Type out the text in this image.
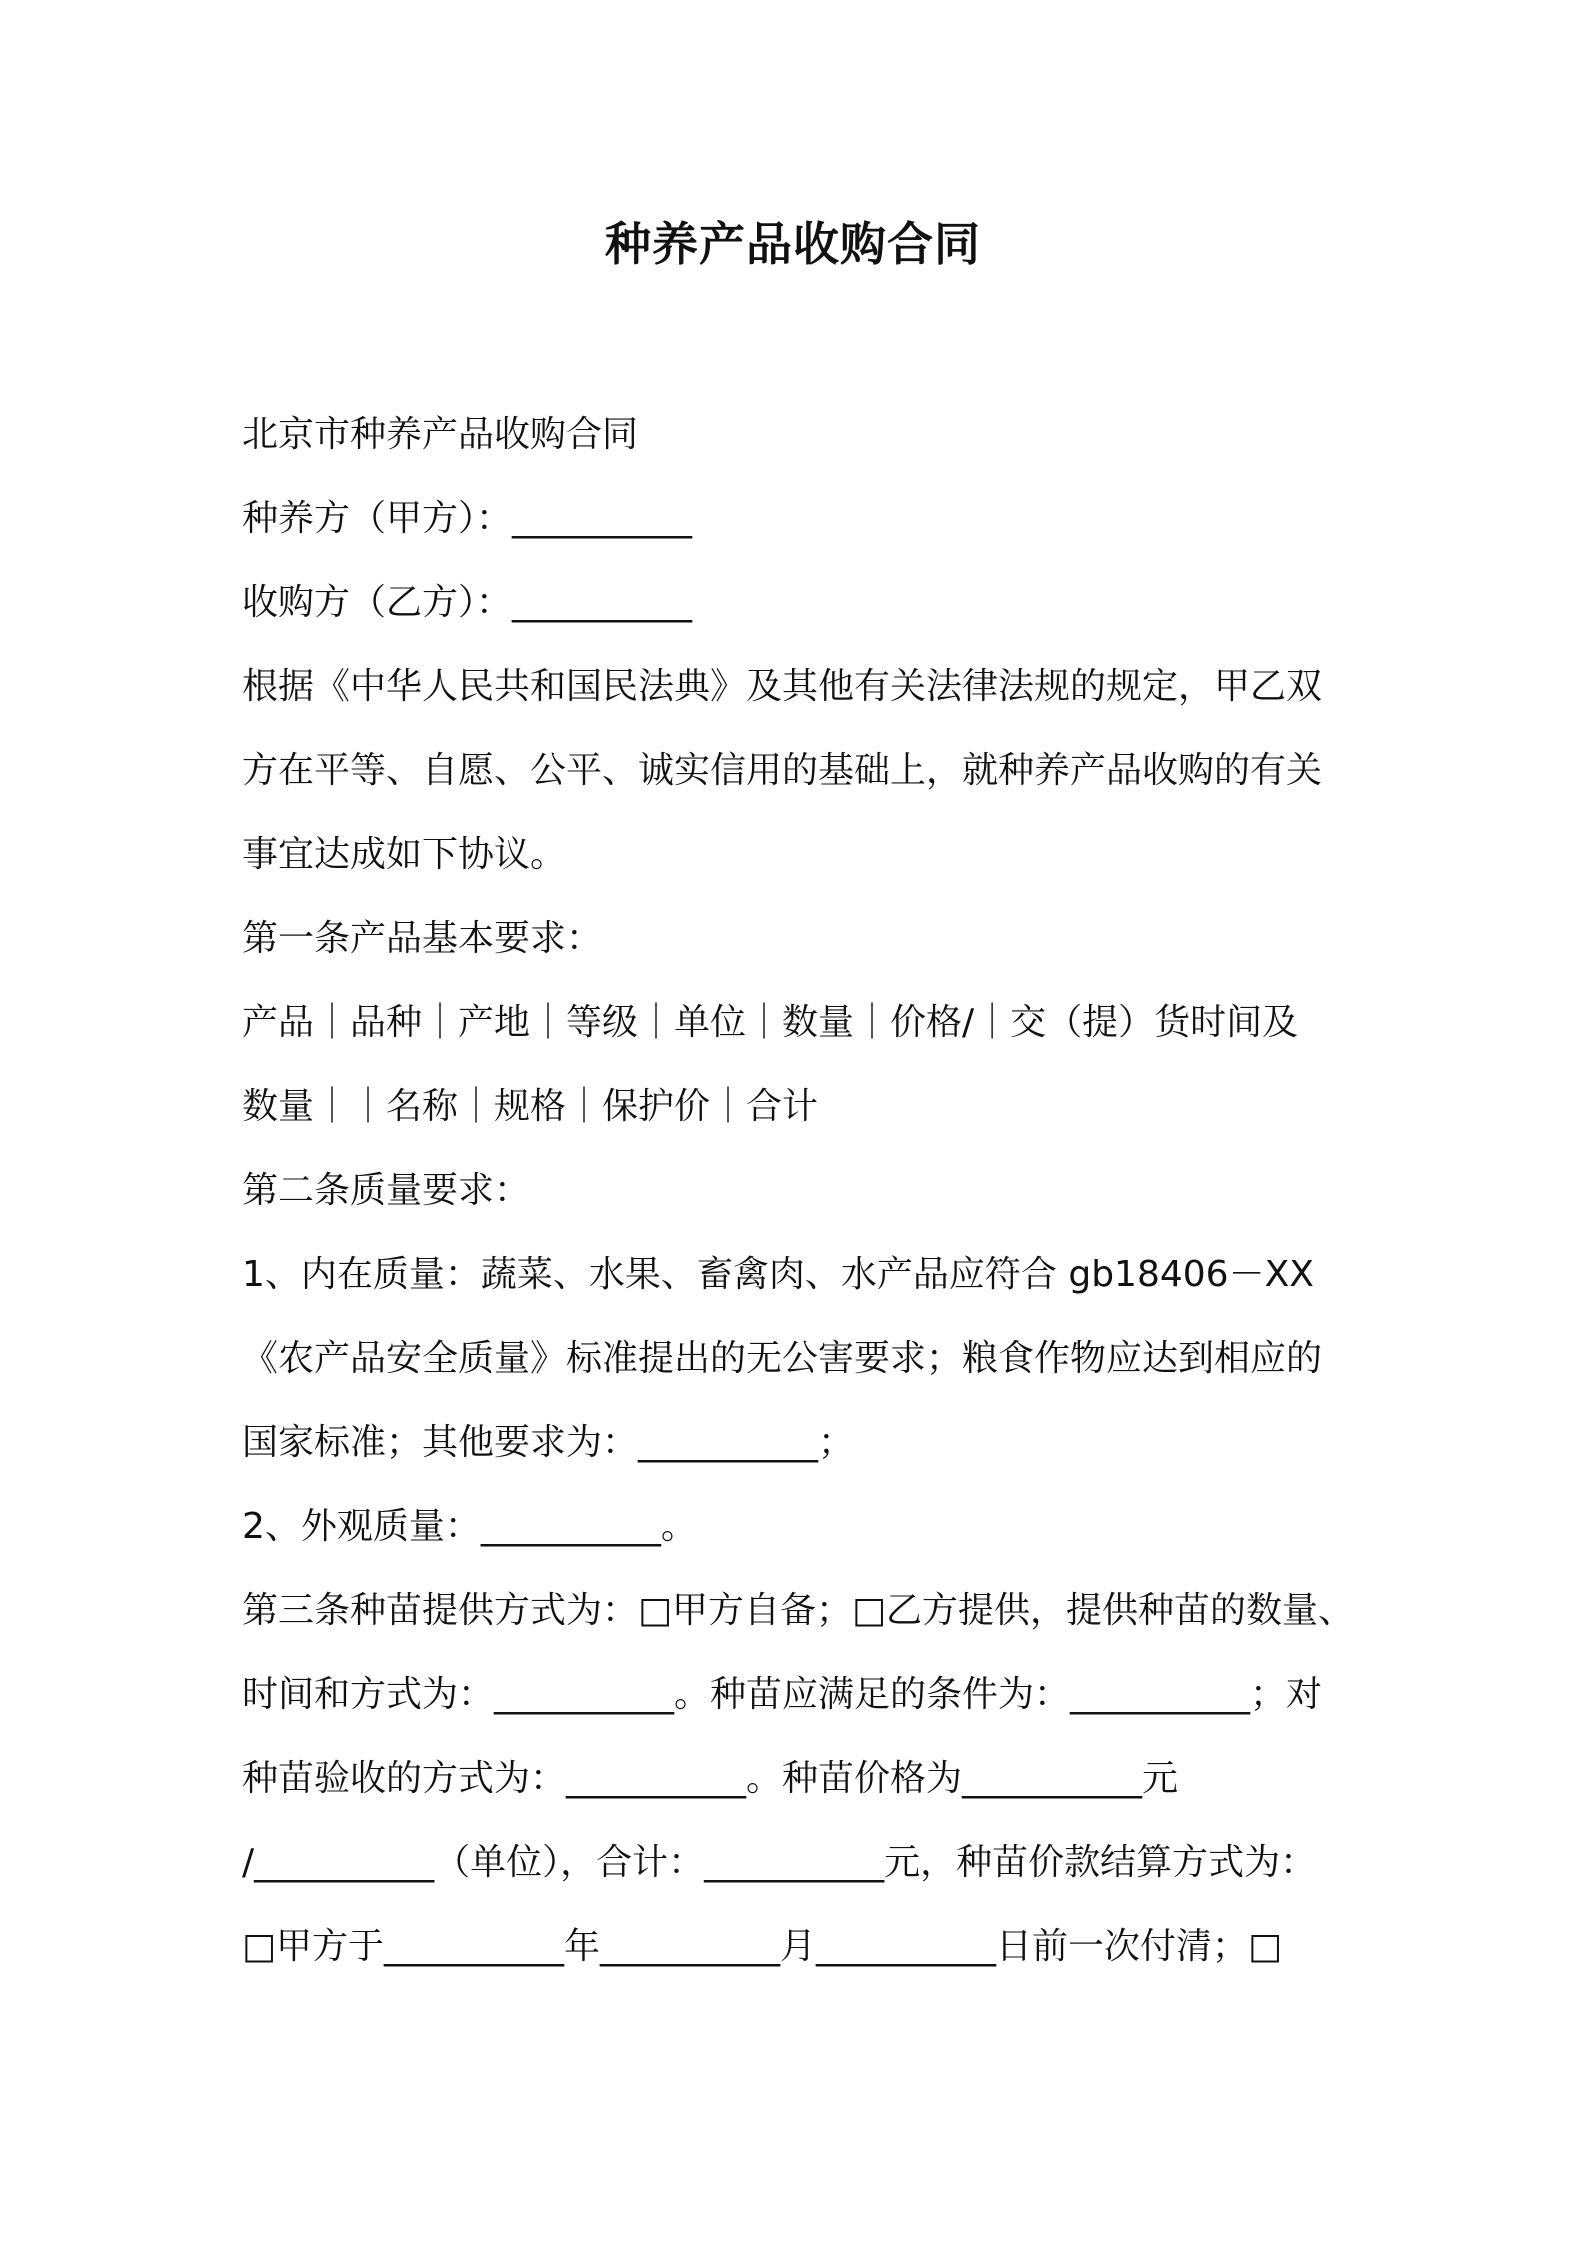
种养产品收购合同
北京市种养产品收购合同
种养方（甲方）：__________
收购方（乙方）：__________
根据《中华人民共和国民法典》及其他有关法律法规的规定，甲乙双
方在平等、自愿、公平、诚实信用的基础上，就种养产品收购的有关
事宜达成如下协议。
第一条产品基本要求：
产品｜品种｜产地｜等级｜单位｜数量｜价格/｜交（提）货时间及
数量｜｜名称｜规格｜保护价｜合计
第二条质量要求：
1、内在质量：蔬菜、水果、畜禽肉、水产品应符合 gb18406－XX
《农产品安全质量》标准提出的无公害要求；粮食作物应达到相应的
国家标准；其他要求为：__________；
2、外观质量：__________。
第三条种苗提供方式为：□甲方自备；□乙方提供，提供种苗的数量、
时间和方式为：__________。种苗应满足的条件为：__________；对
种苗验收的方式为：__________。种苗价格为__________元
/__________（单位），合计：__________元，种苗价款结算方式为：
□甲方于__________年__________月__________日前一次付清；□
